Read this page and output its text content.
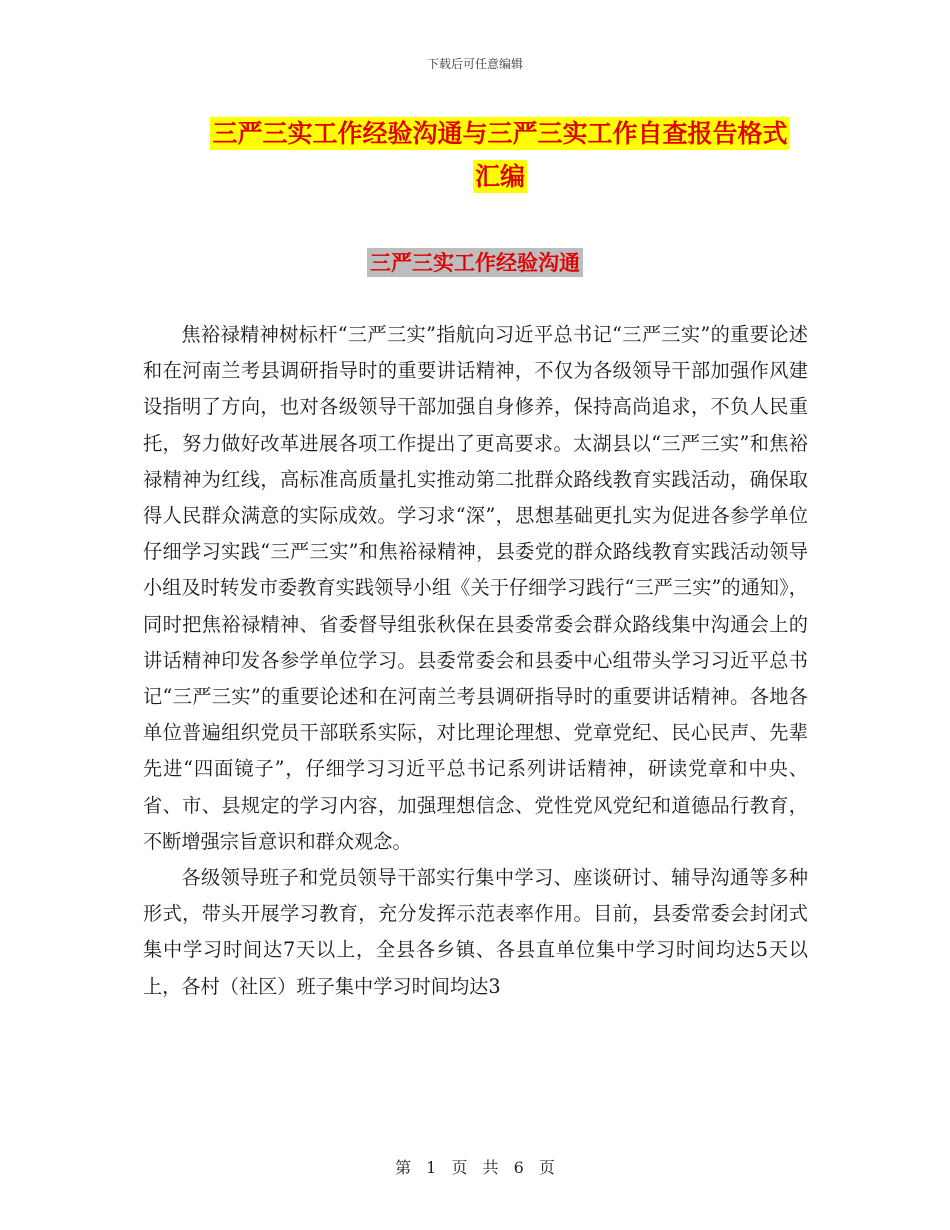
下载后可任意编辑
三严三实工作经验沟通与三严三实工作自查报告格式
汇编
三严三实工作经验沟通

焦裕禄精神树标杆“三严三实”指航向习近平总书记“三严三实”的重要论述和在河南兰考县调研指导时的重要讲话精神，不仅为各级领导干部加强作风建设指明了方向，也对各级领导干部加强自身修养，保持高尚追求，不负人民重托，努力做好改革进展各项工作提出了更高要求。太湖县以“三严三实”和焦裕禄精神为红线，高标准高质量扎实推动第二批群众路线教育实践活动，确保取得人民群众满意的实际成效。学习求“深”，思想基础更扎实为促进各参学单位仔细学习实践“三严三实”和焦裕禄精神，县委党的群众路线教育实践活动领导小组及时转发市委教育实践领导小组《关于仔细学习践行“三严三实”的通知》，同时把焦裕禄精神、省委督导组张秋保在县委常委会群众路线集中沟通会上的讲话精神印发各参学单位学习。县委常委会和县委中心组带头学习习近平总书记“三严三实”的重要论述和在河南兰考县调研指导时的重要讲话精神。各地各单位普遍组织党员干部联系实际，对比理论理想、党章党纪、民心民声、先辈先进“四面镜子”，仔细学习习近平总书记系列讲话精神，研读党章和中央、省、市、县规定的学习内容，加强理想信念、党性党风党纪和道德品行教育，不断增强宗旨意识和群众观念。

各级领导班子和党员领导干部实行集中学习、座谈研讨、辅导沟通等多种形式，带头开展学习教育，充分发挥示范表率作用。目前，县委常委会封闭式集中学习时间达7天以上，全县各乡镇、各县直单位集中学习时间均达5天以上，各村（社区）班子集中学习时间均达3

第 1 页 共 6 页
